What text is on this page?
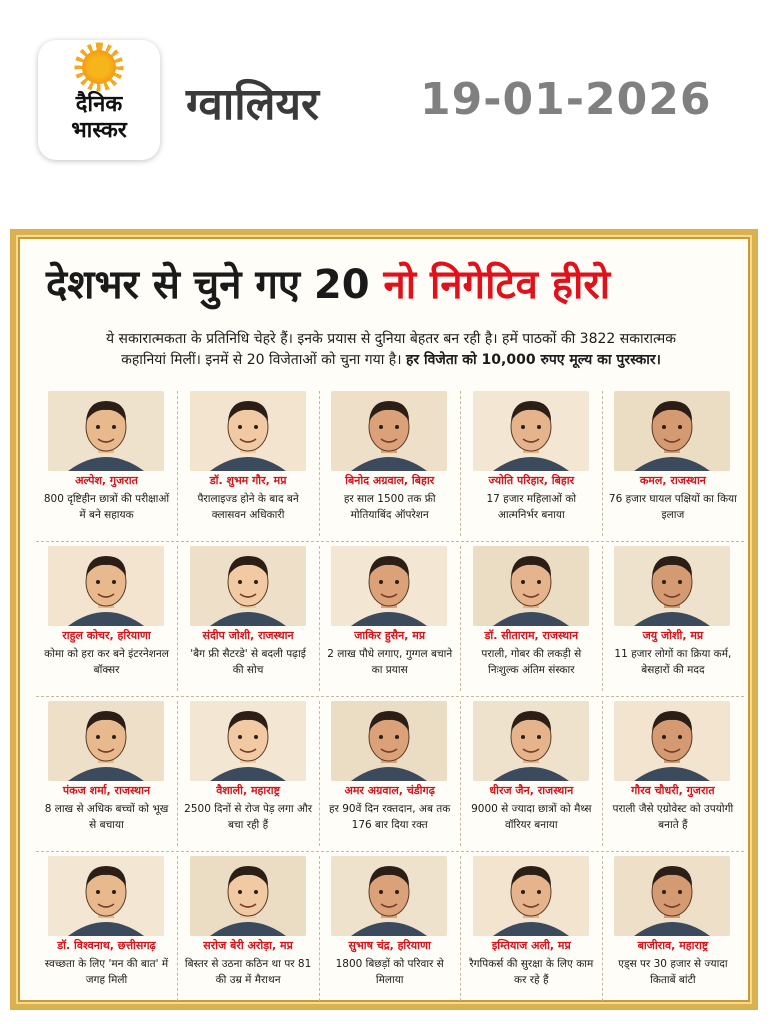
दैनिक
भास्कर
ग्वालियर 19-01-2026
देशभर से चुने गए 20 नो निगेटिव हीरो
ये सकारात्मकता के प्रतिनिधि चेहरे हैं। इनके प्रयास से दुनिया बेहतर बन रही है। हमें पाठकों की 3822 सकारात्मक
कहानियां मिलीं। इनमें से 20 विजेताओं को चुना गया है। हर विजेता को 10,000 रुपए मूल्य का पुरस्कार।
अल्पेश, गुजरात
800 दृष्टिहीन छात्रों की परीक्षाओं में बने सहायक
डॉ. शुभम गौर, मप्र
पैरालाइज्ड होने के बाद बने क्लासवन अधिकारी
बिनोद अग्रवाल, बिहार
हर साल 1500 तक फ्री मोतियाबिंद ऑपरेशन
ज्योति परिहार, बिहार
17 हजार महिलाओं को आत्मनिर्भर बनाया
कमल, राजस्थान
76 हजार घायल पक्षियों का किया इलाज
राहुल कोचर, हरियाणा
कोमा को हरा कर बने इंटरनेशनल बॉक्सर
संदीप जोशी, राजस्थान
'बैग फ्री सैटरडे' से बदली पढ़ाई की सोच
जाकिर हुसैन, मप्र
2 लाख पौधे लगाए, गुग्गल बचाने का प्रयास
डॉ. सीताराम, राजस्थान
पराली, गोबर की लकड़ी से निःशुल्क अंतिम संस्कार
जयु जोशी, मप्र
11 हजार लोगों का क्रिया कर्म, बेसहारों की मदद
पंकज शर्मा, राजस्थान
8 लाख से अधिक बच्चों को भूख से बचाया
वैशाली, महाराष्ट्र
2500 दिनों से रोज पेड़ लगा और बचा रही हैं
अमर अग्रवाल, चंडीगढ़
हर 90वें दिन रक्तदान, अब तक 176 बार दिया रक्त
धीरज जैन, राजस्थान
9000 से ज्यादा छात्रों को मैथ्स वॉरियर बनाया
गौरव चौधरी, गुजरात
पराली जैसे एग्रोवेस्ट को उपयोगी बनाते हैं
डॉ. विश्वनाथ, छत्तीसगढ़
स्वच्छता के लिए 'मन की बात' में जगह मिली
सरोज बेरी अरोड़ा, मप्र
बिस्तर से उठना कठिन था पर 81 की उम्र में मैराथन
सुभाष चंद्र, हरियाणा
1800 बिछड़ों को परिवार से मिलाया
इम्तियाज अली, मप्र
रैगपिकर्स की सुरक्षा के लिए काम कर रहे हैं
बाजीराव, महाराष्ट्र
एड्स पर 30 हजार से ज्यादा किताबें बांटी
